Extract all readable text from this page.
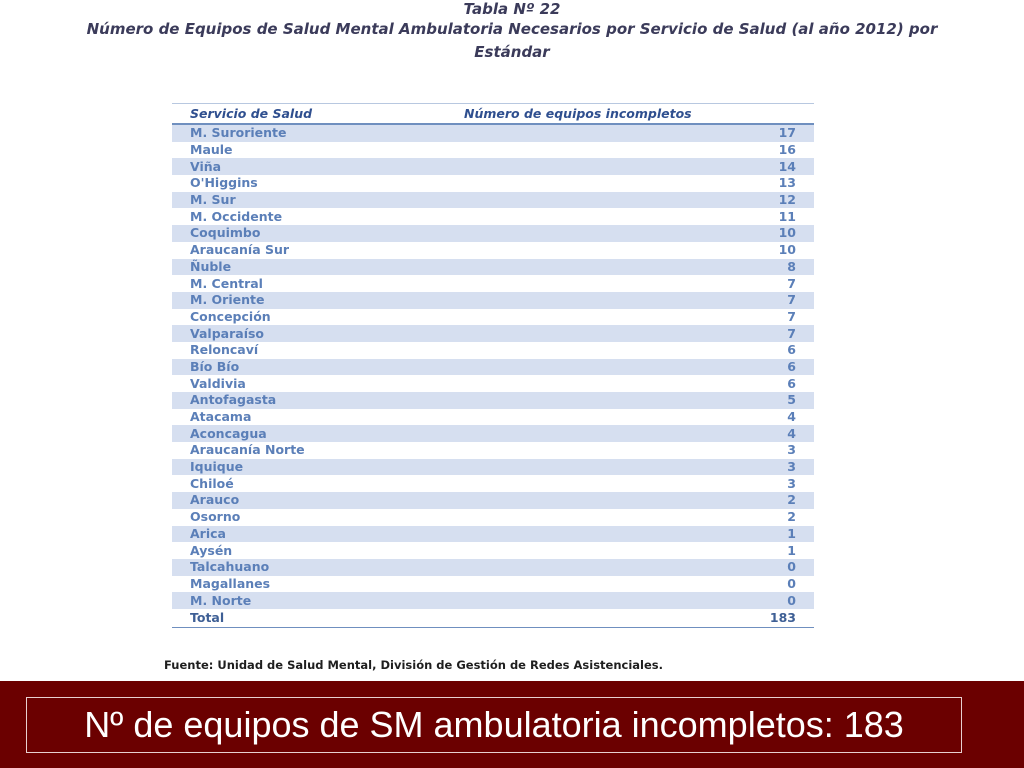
Tabla Nº 22
Número de Equipos de Salud Mental Ambulatoria Necesarios por Servicio de Salud (al año 2012) por
Estándar
Servicio de Salud	Número de equipos incompletos
M. Suroriente	17
Maule	16
Viña	14
O'Higgins	13
M. Sur	12
M. Occidente	11
Coquimbo	10
Araucanía Sur	10
Ñuble	8
M. Central	7
M. Oriente	7
Concepción	7
Valparaíso	7
Reloncaví	6
Bío Bío	6
Valdivia	6
Antofagasta	5
Atacama	4
Aconcagua	4
Araucanía Norte	3
Iquique	3
Chiloé	3
Arauco	2
Osorno	2
Arica	1
Aysén	1
Talcahuano	0
Magallanes	0
M. Norte	0
Total	183
Fuente: Unidad de Salud Mental, División de Gestión de Redes Asistenciales.
Nº de equipos de SM ambulatoria incompletos: 183
